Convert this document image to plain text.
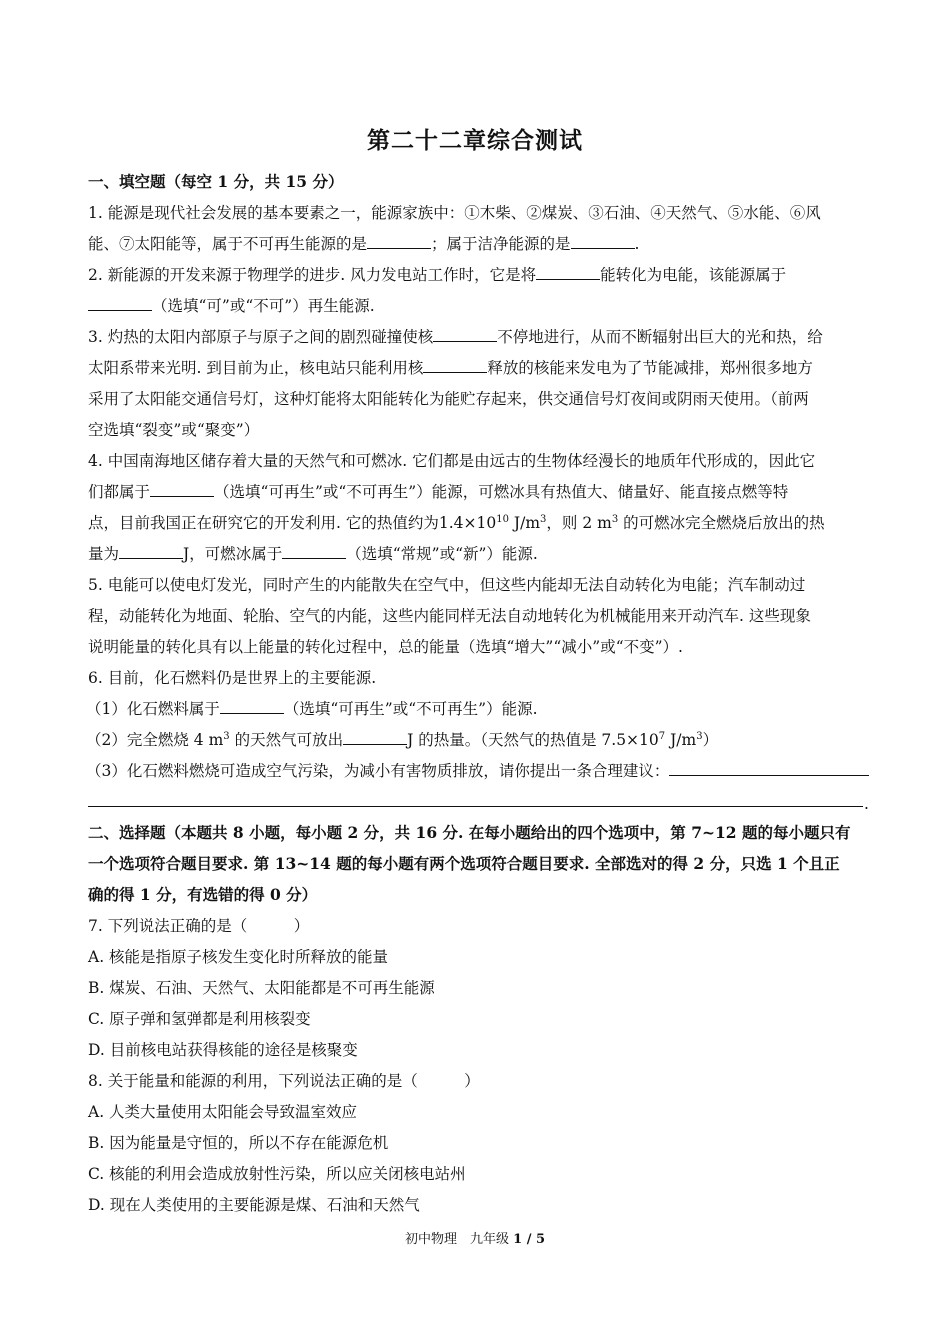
第二十二章综合测试
一、填空题（每空 1 分，共 15 分）
1. 能源是现代社会发展的基本要素之一，能源家族中：①木柴、②煤炭、③石油、④天然气、⑤水能、⑥风
能、⑦太阳能等，属于不可再生能源的是	；属于洁净能源的是	.
2. 新能源的开发来源于物理学的进步. 风力发电站工作时，它是将	能转化为电能，该能源属于
（选填“可”或“不可”）再生能源.
3. 灼热的太阳内部原子与原子之间的剧烈碰撞使核	不停地进行，从而不断辐射出巨大的光和热，给
太阳系带来光明. 到目前为止，核电站只能利用核	释放的核能来发电为了节能减排，郑州很多地方
采用了太阳能交通信号灯，这种灯能将太阳能转化为能贮存起来，供交通信号灯夜间或阴雨天使用。（前两
空选填“裂变”或“聚变”）
4. 中国南海地区储存着大量的天然气和可燃冰. 它们都是由远古的生物体经漫长的地质年代形成的，因此它
们都属于	（选填“可再生”或“不可再生”）能源，可燃冰具有热值大、储量好、能直接点燃等特
点，目前我国正在研究它的开发利用. 它的热值约为$1.4\times 10^{10}$ $J/m^3$，则 2 $m^3$ 的可燃冰完全燃烧后放出的热
量为	J，可燃冰属于	（选填“常规”或“新”）能源.
5. 电能可以使电灯发光，同时产生的内能散失在空气中，但这些内能却无法自动转化为电能；汽车制动过
程，动能转化为地面、轮胎、空气的内能，这些内能同样无法自动地转化为机械能用来开动汽车. 这些现象
说明能量的转化具有以上能量的转化过程中，总的能量（选填“增大”“减小”或“不变”）.
6. 目前，化石燃料仍是世界上的主要能源.
（1）化石燃料属于	（选填“可再生”或“不可再生”）能源.
（2）完全燃烧 4 $m^3$ 的天然气可放出	J 的热量。（天然气的热值是 $7.5\times 10^7$ $J/m^3$）
（3）化石燃料燃烧可造成空气污染，为减小有害物质排放，请你提出一条合理建议：
.
二、选择题（本题共 8 小题，每小题 2 分，共 16 分. 在每小题给出的四个选项中，第 7~12 题的每小题只有
一个选项符合题目要求. 第 13~14 题的每小题有两个选项符合题目要求. 全部选对的得 2 分，只选 1 个且正
确的得 1 分，有选错的得 0 分）
7. 下列说法正确的是（　　　）
A. 核能是指原子核发生变化时所释放的能量
B. 煤炭、石油、天然气、太阳能都是不可再生能源
C. 原子弹和氢弹都是利用核裂变
D. 目前核电站获得核能的途径是核聚变
8. 关于能量和能源的利用，下列说法正确的是（　　　）
A. 人类大量使用太阳能会导致温室效应
B. 因为能量是守恒的，所以不存在能源危机
C. 核能的利用会造成放射性污染，所以应关闭核电站州
D. 现在人类使用的主要能源是煤、石油和天然气
初中物理　九年级 1 / 5
